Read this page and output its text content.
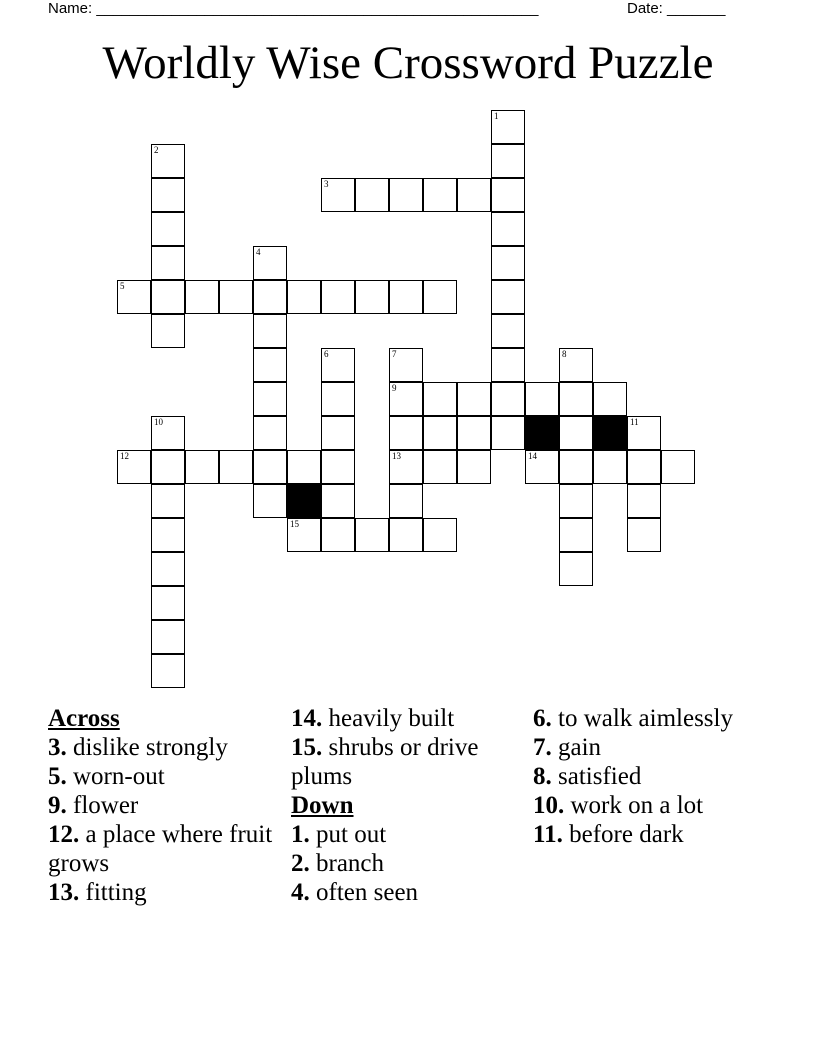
Name: _____________________________________________________	Date: _______
Worldly Wise Crossword Puzzle
1
2
3
4
5
6	7
9
13
8
10	11
12	14
15
Across
3. dislike strongly
5. worn-out
9. flower
12. a place where fruit grows
13. fitting
14. heavily built
15. shrubs or drive plums
Down
1. put out
2. branch
4. often seen
6. to walk aimlessly
7. gain
8. satisfied
10. work on a lot
11. before dark
